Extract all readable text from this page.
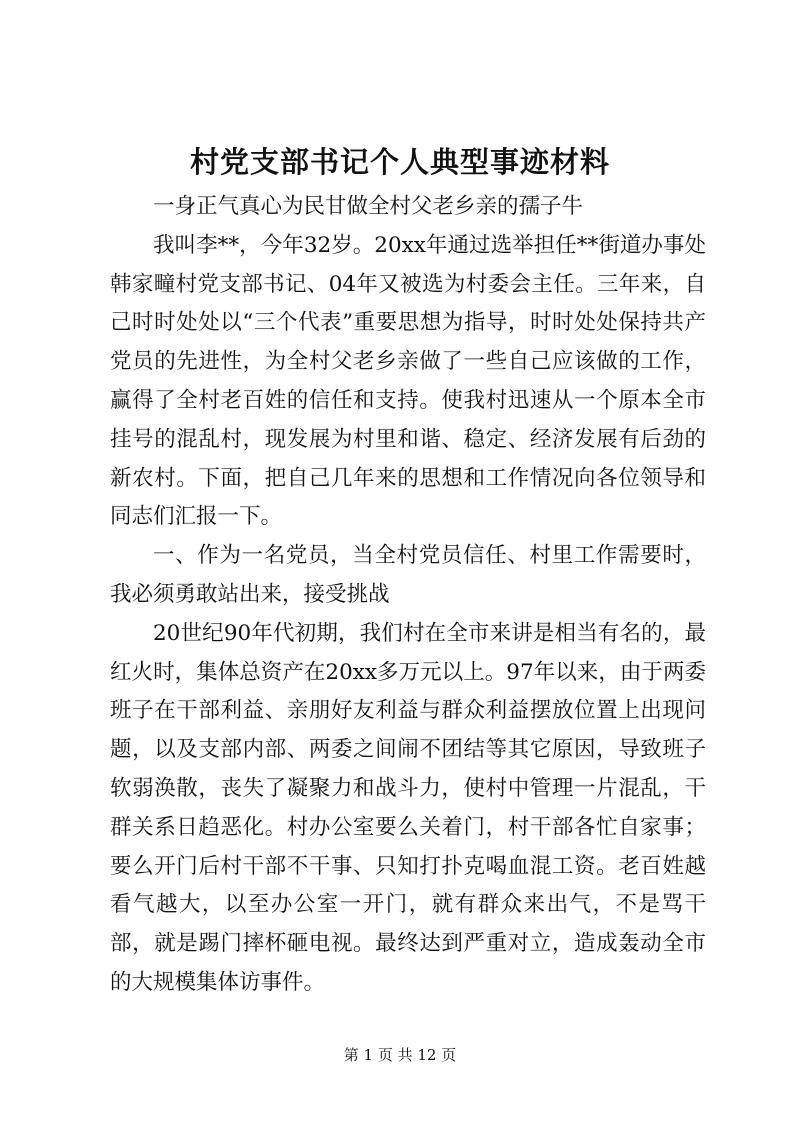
村党支部书记个人典型事迹材料

一身正气真心为民甘做全村父老乡亲的孺子牛

我叫李**，今年32岁。20xx年通过选举担任**街道办事处韩家疃村党支部书记、04年又被选为村委会主任。三年来，自己时时处处以“三个代表”重要思想为指导，时时处处保持共产党员的先进性，为全村父老乡亲做了一些自己应该做的工作，赢得了全村老百姓的信任和支持。使我村迅速从一个原本全市挂号的混乱村，现发展为村里和谐、稳定、经济发展有后劲的新农村。下面，把自己几年来的思想和工作情况向各位领导和同志们汇报一下。

一、作为一名党员，当全村党员信任、村里工作需要时，我必须勇敢站出来，接受挑战

20世纪90年代初期，我们村在全市来讲是相当有名的，最红火时，集体总资产在20xx多万元以上。97年以来，由于两委班子在干部利益、亲朋好友利益与群众利益摆放位置上出现问题，以及支部内部、两委之间闹不团结等其它原因，导致班子软弱涣散，丧失了凝聚力和战斗力，使村中管理一片混乱，干群关系日趋恶化。村办公室要么关着门，村干部各忙自家事；要么开门后村干部不干事、只知打扑克喝血混工资。老百姓越看气越大，以至办公室一开门，就有群众来出气，不是骂干部，就是踢门摔杯砸电视。最终达到严重对立，造成轰动全市的大规模集体访事件。

第 1 页 共 12 页
